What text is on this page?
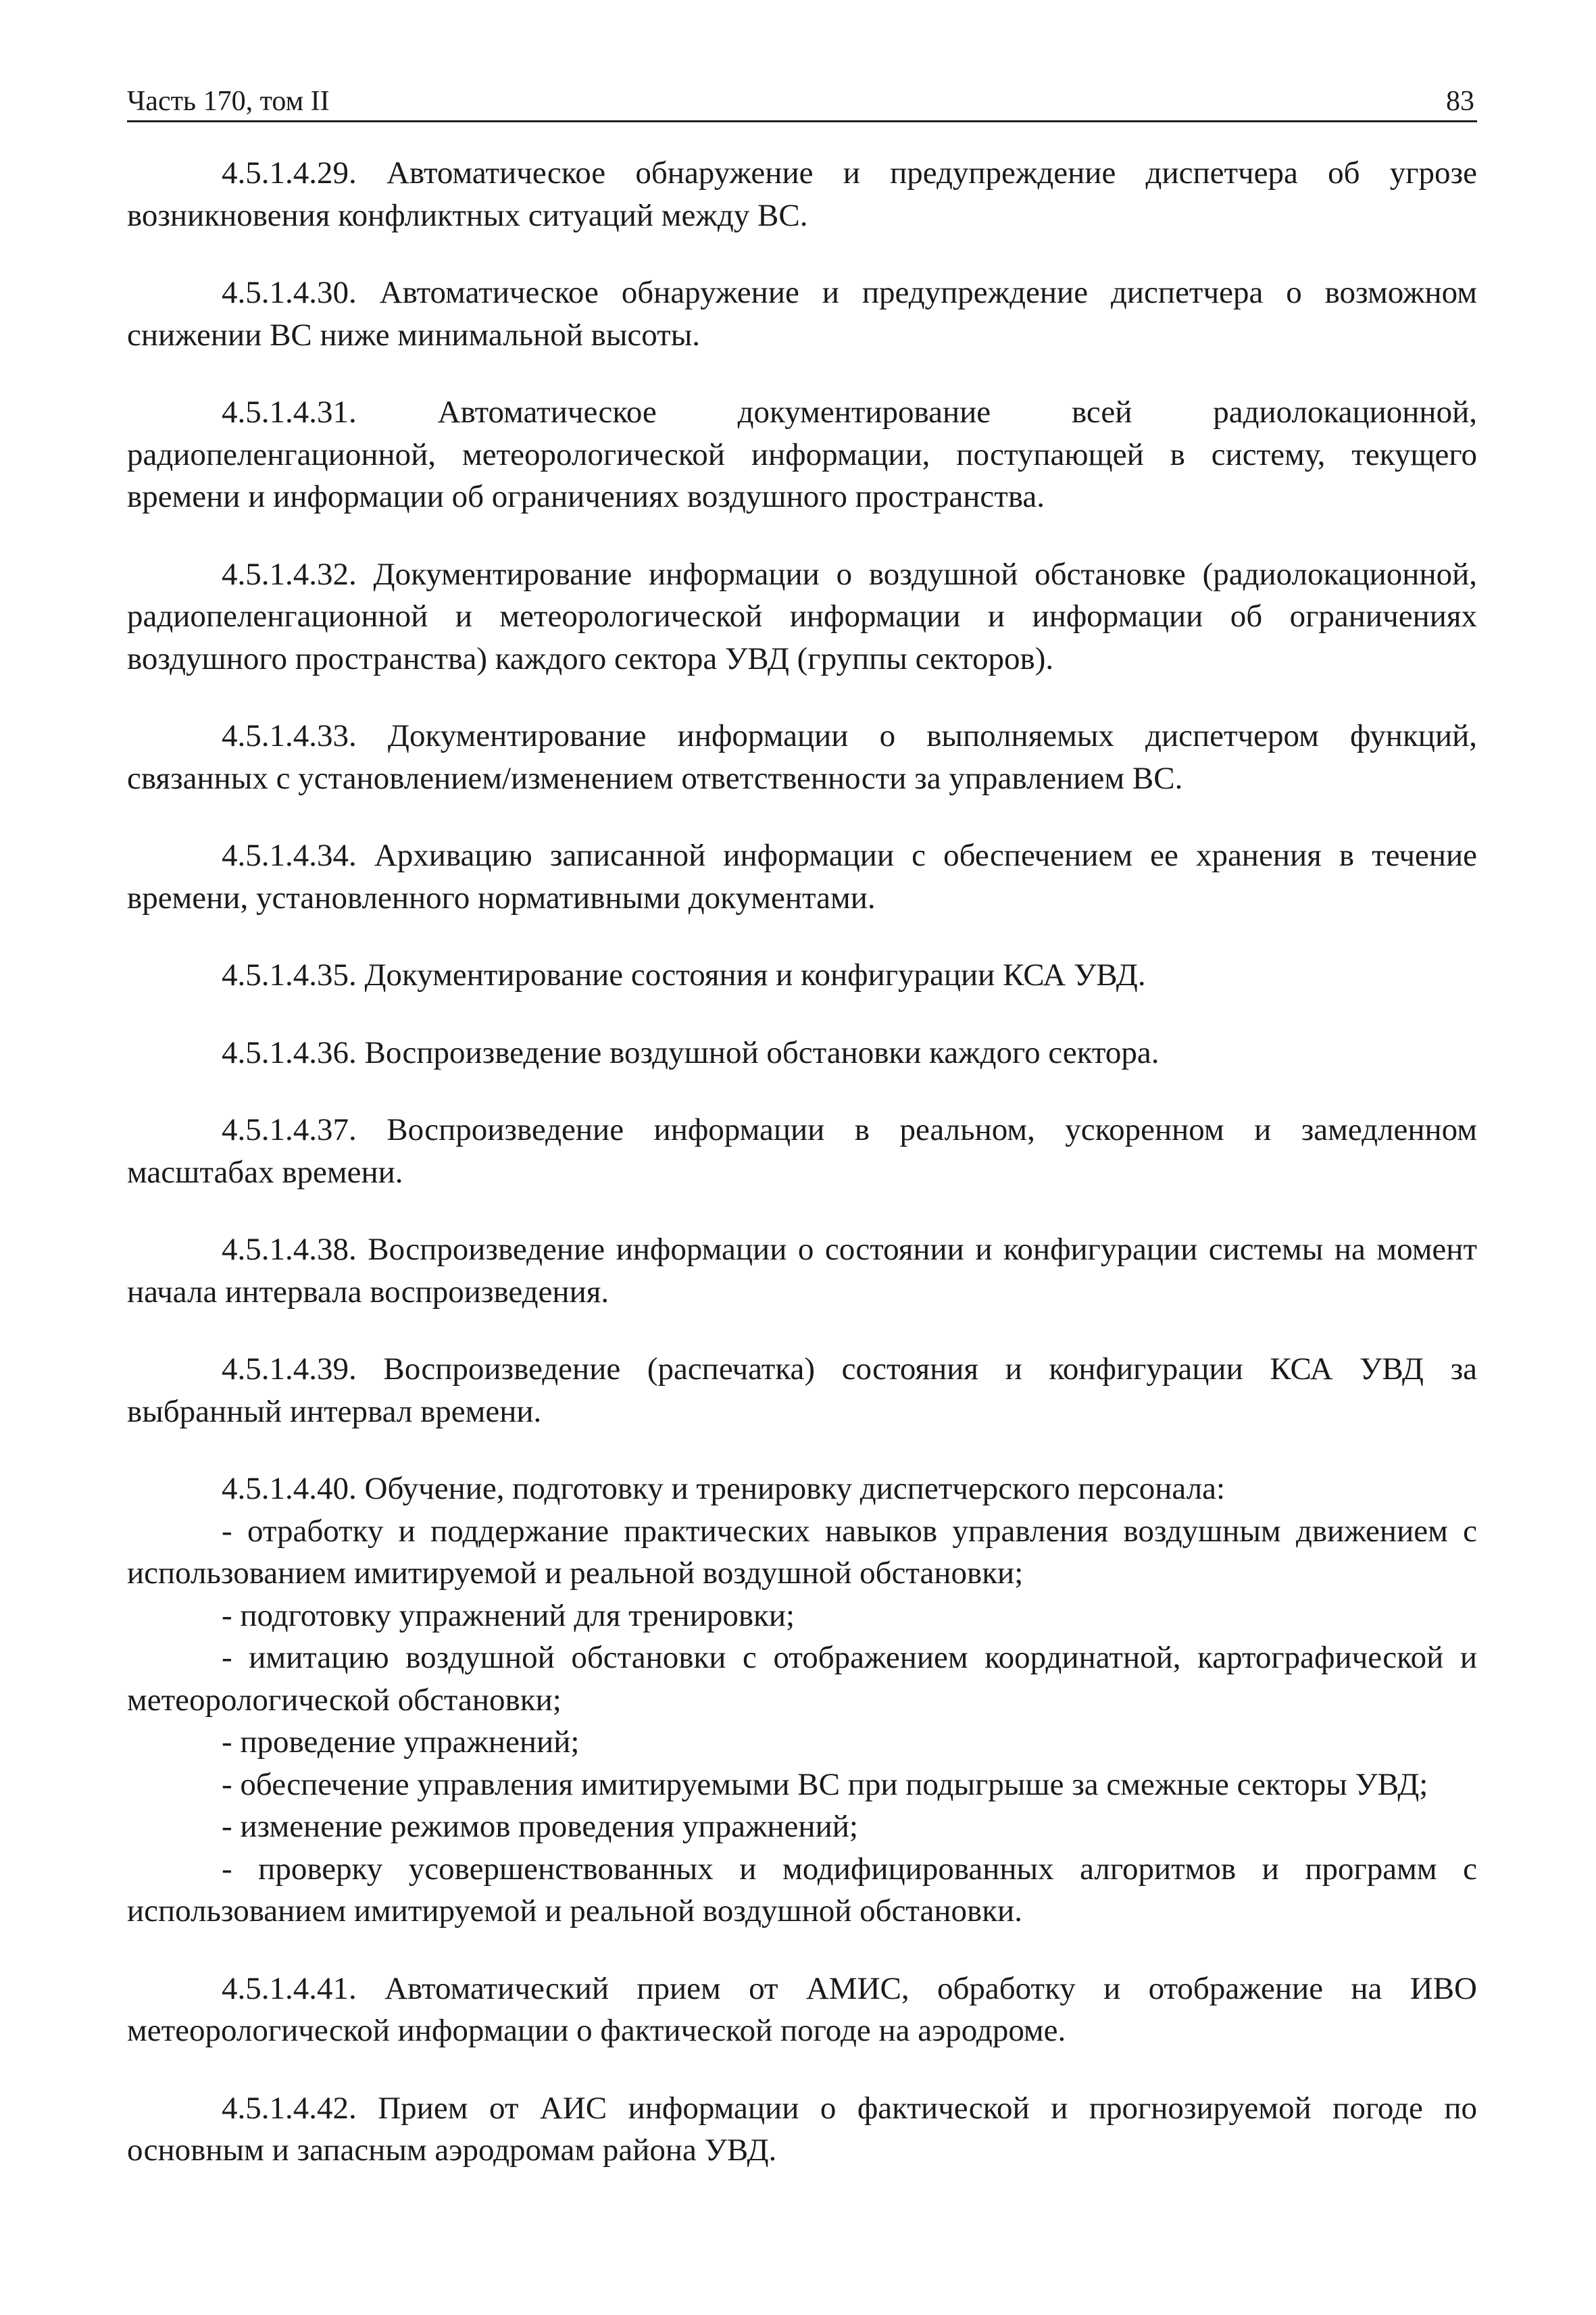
Часть 170, том II	83

4.5.1.4.29. Автоматическое обнаружение и предупреждение диспетчера об угрозе возникновения конфликтных ситуаций между ВС.

4.5.1.4.30. Автоматическое обнаружение и предупреждение диспетчера о возможном снижении ВС ниже минимальной высоты.

4.5.1.4.31. Автоматическое документирование всей радиолокационной, радиопеленгационной, метеорологической информации, поступающей в систему, текущего времени и информации об ограничениях воздушного пространства.

4.5.1.4.32. Документирование информации о воздушной обстановке (радиолокационной, радиопеленгационной и метеорологической информации и информации об ограничениях воздушного пространства) каждого сектора УВД (группы секторов).

4.5.1.4.33. Документирование информации о выполняемых диспетчером функций, связанных с установлением/изменением ответственности за управлением ВС.

4.5.1.4.34. Архивацию записанной информации с обеспечением ее хранения в течение времени, установленного нормативными документами.

4.5.1.4.35. Документирование состояния и конфигурации КСА УВД.

4.5.1.4.36. Воспроизведение воздушной обстановки каждого сектора.

4.5.1.4.37. Воспроизведение информации в реальном, ускоренном и замедленном масштабах времени.

4.5.1.4.38. Воспроизведение информации о состоянии и конфигурации системы на момент начала интервала воспроизведения.

4.5.1.4.39. Воспроизведение (распечатка) состояния и конфигурации КСА УВД за выбранный интервал времени.

4.5.1.4.40. Обучение, подготовку и тренировку диспетчерского персонала:

- отработку и поддержание практических навыков управления воздушным движением с использованием имитируемой и реальной воздушной обстановки;

- подготовку упражнений для тренировки;

- имитацию воздушной обстановки с отображением координатной, картографической и метеорологической обстановки;

- проведение упражнений;

- обеспечение управления имитируемыми ВС при подыгрыше за смежные секторы УВД;

- изменение режимов проведения упражнений;

- проверку усовершенствованных и модифицированных алгоритмов и программ с использованием имитируемой и реальной воздушной обстановки.

4.5.1.4.41. Автоматический прием от АМИС, обработку и отображение на ИВО метеорологической информации о фактической погоде на аэродроме.

4.5.1.4.42. Прием от АИС информации о фактической и прогнозируемой погоде по основным и запасным аэродромам района УВД.
